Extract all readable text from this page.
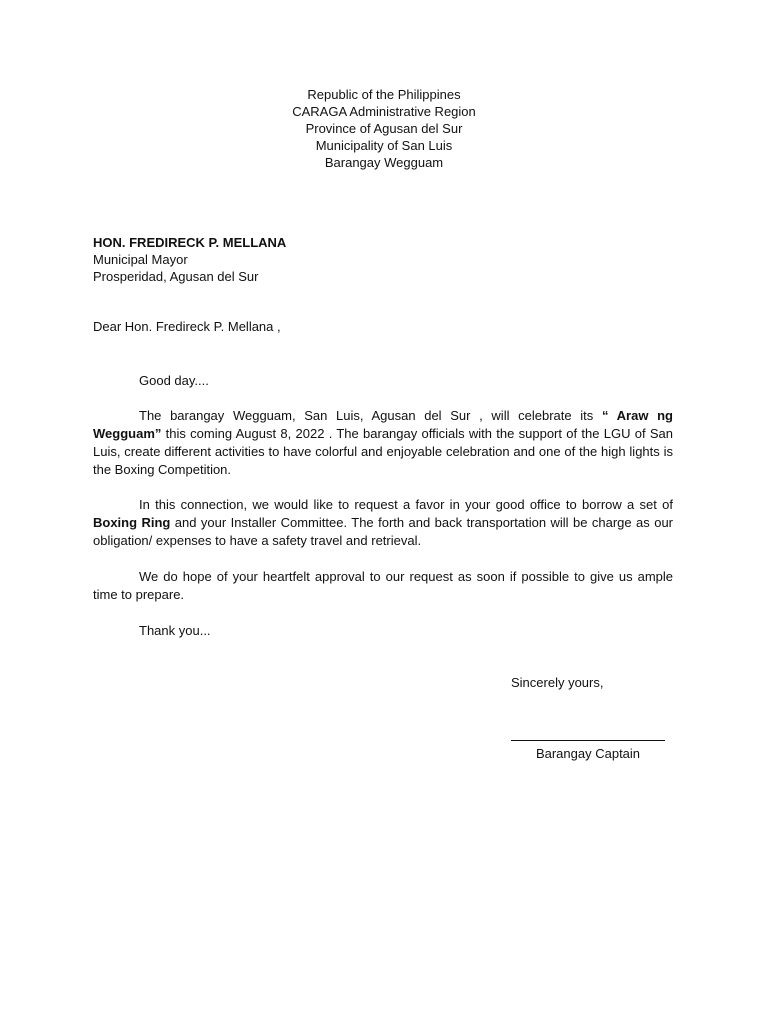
Republic of the Philippines
CARAGA Administrative Region
Province of Agusan del Sur
Municipality of San Luis
Barangay Wegguam
HON. FREDIRECK P. MELLANA
Municipal Mayor
Prosperidad, Agusan del Sur
Dear Hon. Fredireck P. Mellana ,
Good day....
The barangay Wegguam, San Luis, Agusan del Sur , will celebrate its “ Araw ng Wegguam” this coming August 8, 2022 . The barangay officials with the support of the LGU of San Luis, create different activities to have colorful and enjoyable celebration and one of the high lights is the Boxing Competition.
In this connection, we would like to request a favor in your good office to borrow a set of Boxing Ring and your Installer Committee. The forth and back transportation will be charge as our obligation/ expenses to have a safety travel and retrieval.
We do hope of your heartfelt approval to our request as soon if possible to give us ample time to prepare.
Thank you...
Sincerely yours,
Barangay Captain
